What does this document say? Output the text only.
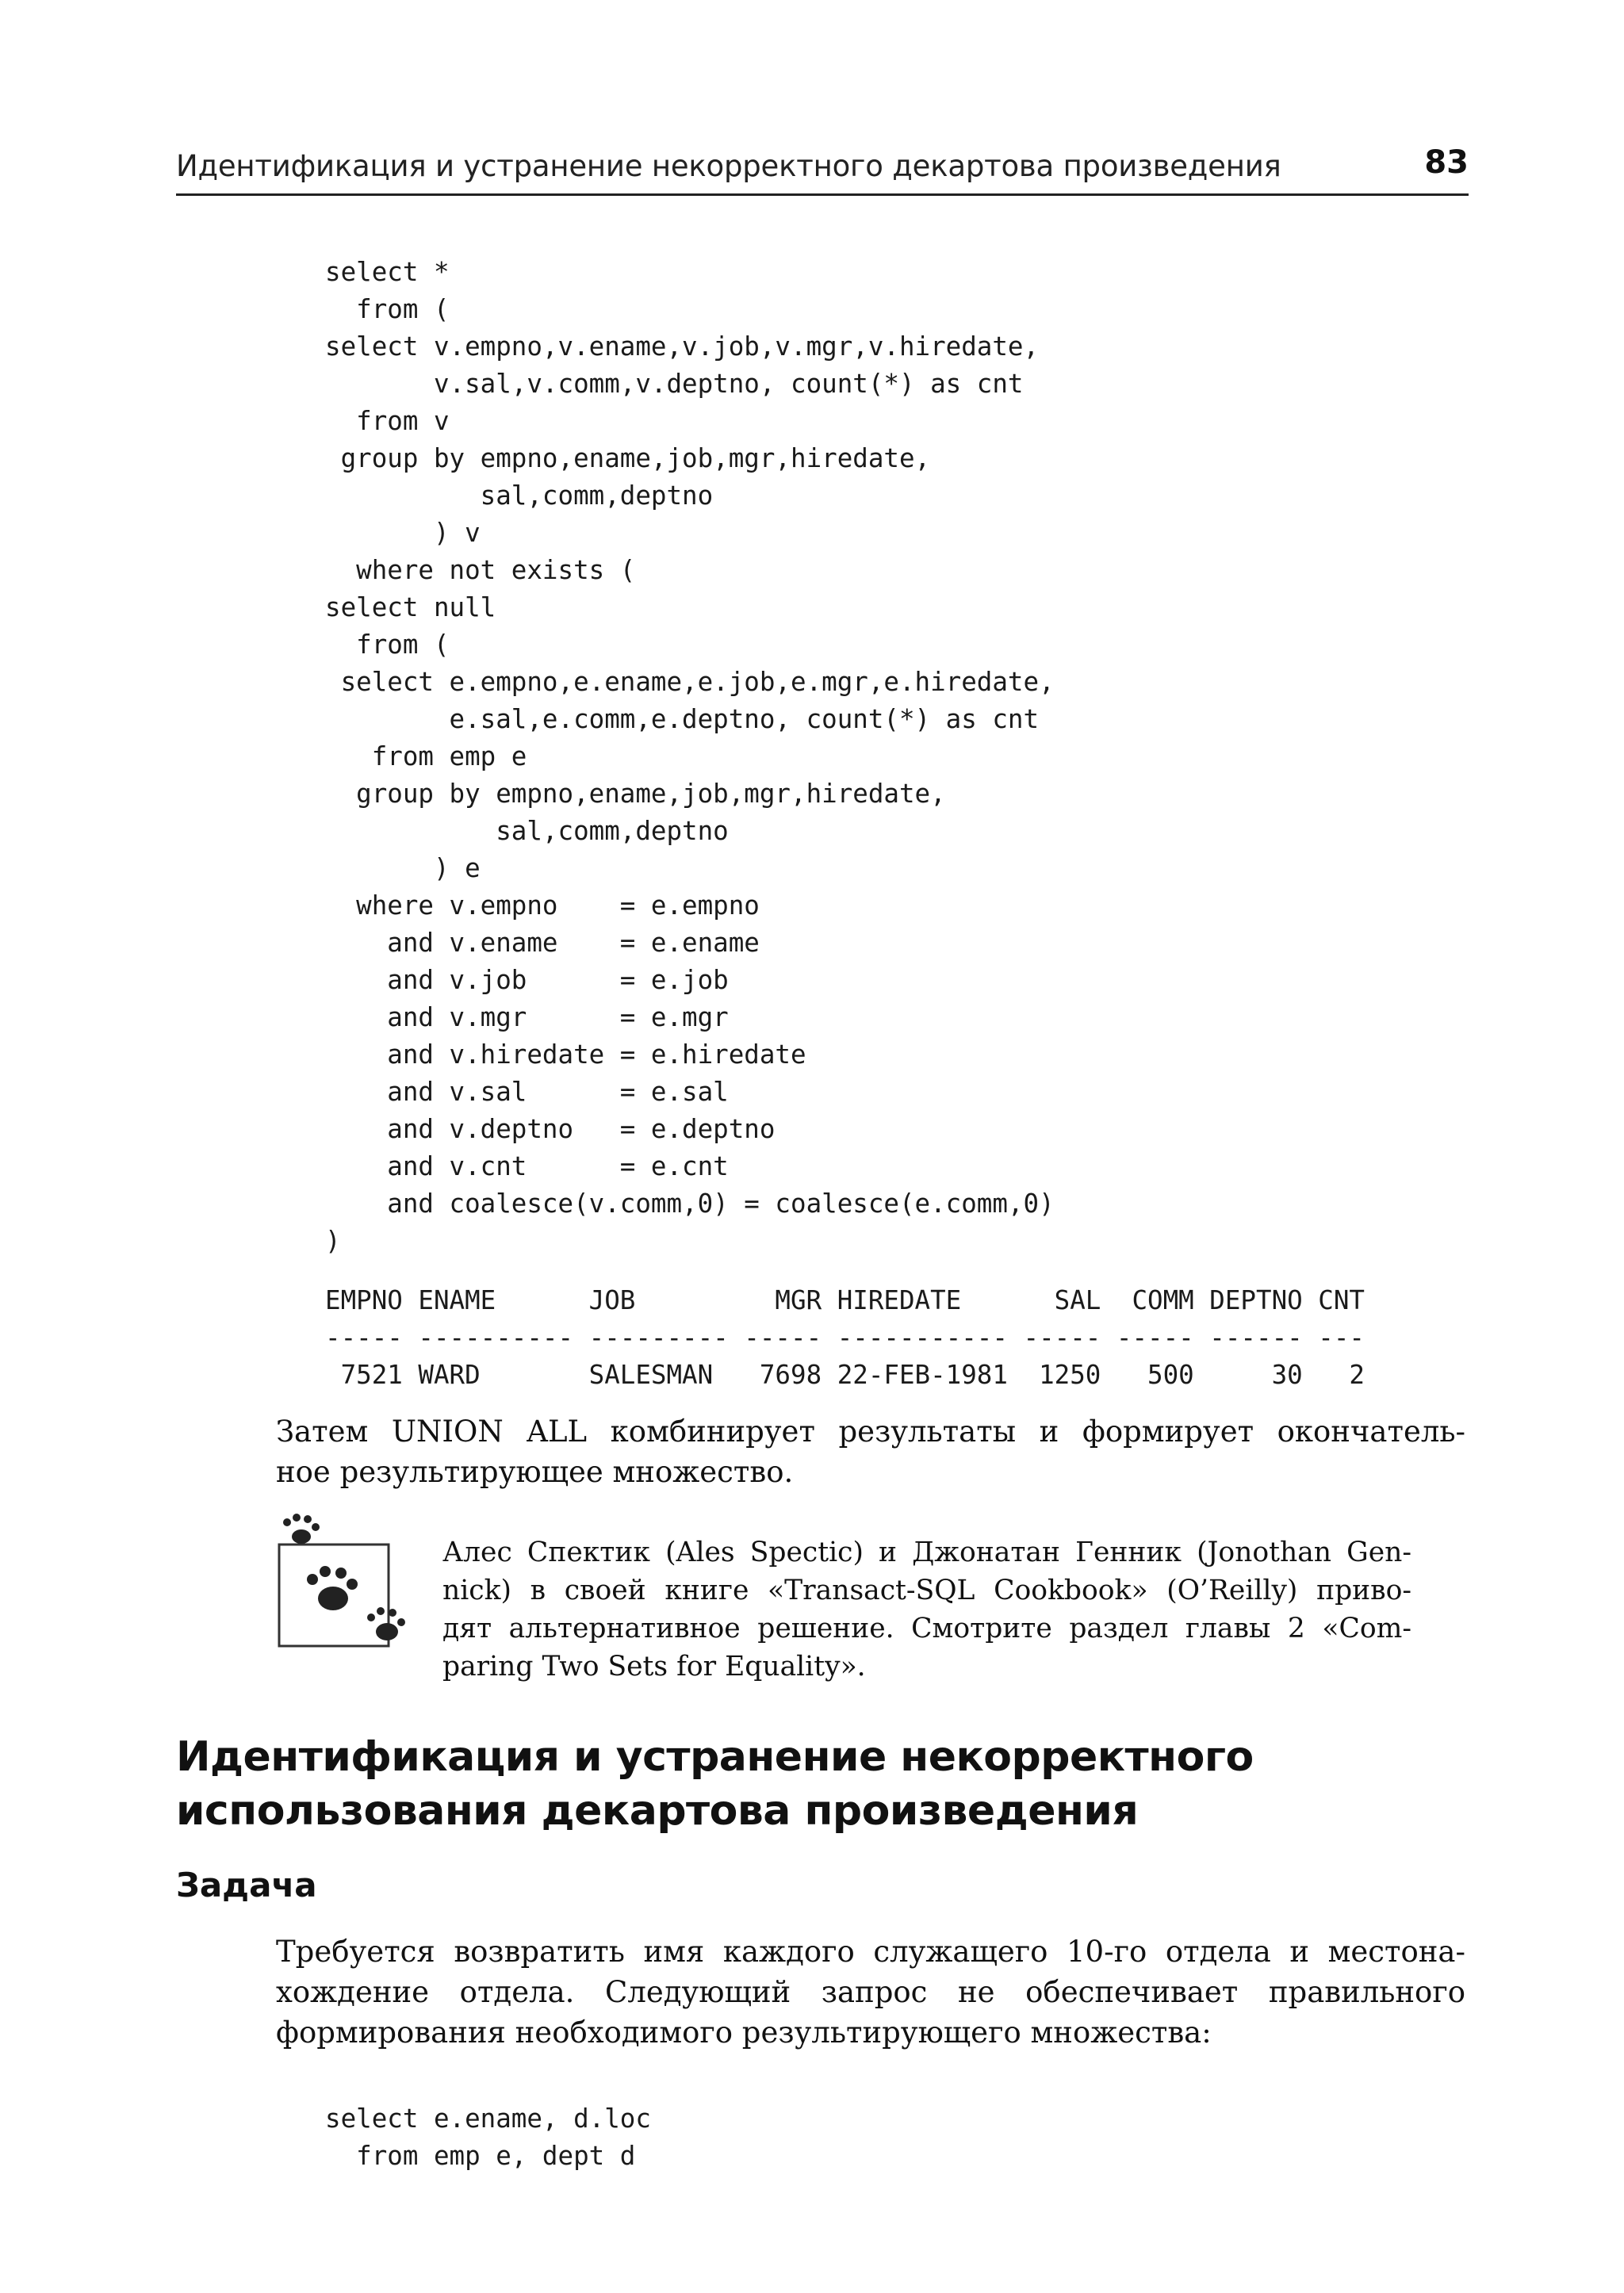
Идентификация и устранение некорректного декартова произведения	83
select *
from (
select v.empno,v.ename,v.job,v.mgr,v.hiredate,
v.sal,v.comm,v.deptno, count(*) as cnt
from v
group by empno,ename,job,mgr,hiredate,
sal,comm,deptno
) v
where not exists (
select null
from (
select e.empno,e.ename,e.job,e.mgr,e.hiredate,
e.sal,e.comm,e.deptno, count(*) as cnt
from emp e
group by empno,ename,job,mgr,hiredate,
sal,comm,deptno
) e
where v.empno    = e.empno
and v.ename    = e.ename
and v.job      = e.job
and v.mgr      = e.mgr
and v.hiredate = e.hiredate
and v.sal      = e.sal
and v.deptno   = e.deptno
and v.cnt      = e.cnt
and coalesce(v.comm,0) = coalesce(e.comm,0)
)
EMPNO ENAME      JOB         MGR HIREDATE      SAL  COMM DEPTNO CNT
----- ---------- --------- ----- ----------- ----- ----- ------ ---
7521 WARD       SALESMAN   7698 22-FEB-1981  1250   500     30   2
Затем UNION ALL комбинирует результаты и формирует окончатель-
ное результирующее множество.
Алес Спектик (Ales Spectic) и Джонатан Генник (Jonothan Gen-
nick) в своей книге «Transact-SQL Cookbook» (O’Reilly) приво-
дят альтернативное решение. Смотрите раздел главы 2 «Com-
paring Two Sets for Equality».
Идентификация и устранение некорректного
использования декартова произведения
Задача
Требуется возвратить имя каждого служащего 10-го отдела и местона-
хождение отдела. Следующий запрос не обеспечивает правильного
формирования необходимого результирующего множества:
select e.ename, d.loc
from emp e, dept d
